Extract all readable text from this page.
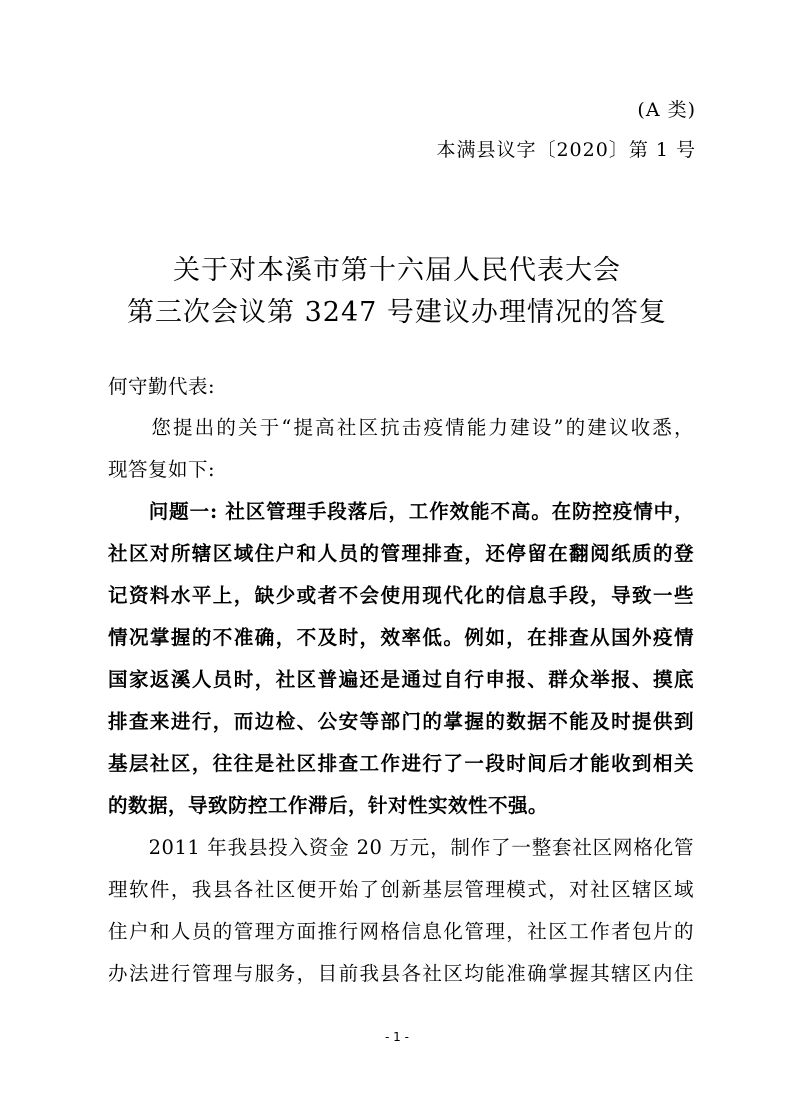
(A 类)
本满县议字〔2020〕第 1 号
关于对本溪市第十六届人民代表大会
第三次会议第 3247 号建议办理情况的答复
何守勤代表:
　　您提出的关于“提高社区抗击疫情能力建设”的建议收悉，
现答复如下:
　　问题一: 社区管理手段落后，工作效能不高。在防控疫情中，
社区对所辖区域住户和人员的管理排查，还停留在翻阅纸质的登
记资料水平上，缺少或者不会使用现代化的信息手段，导致一些
情况掌握的不准确，不及时，效率低。例如，在排查从国外疫情
国家返溪人员时，社区普遍还是通过自行申报、群众举报、摸底
排查来进行，而边检、公安等部门的掌握的数据不能及时提供到
基层社区，往往是社区排查工作进行了一段时间后才能收到相关
的数据，导致防控工作滞后，针对性实效性不强。
　　2011 年我县投入资金 20 万元，制作了一整套社区网格化管
理软件，我县各社区便开始了创新基层管理模式，对社区辖区域
住户和人员的管理方面推行网格信息化管理，社区工作者包片的
办法进行管理与服务，目前我县各社区均能准确掌握其辖区内住
- 1 -
